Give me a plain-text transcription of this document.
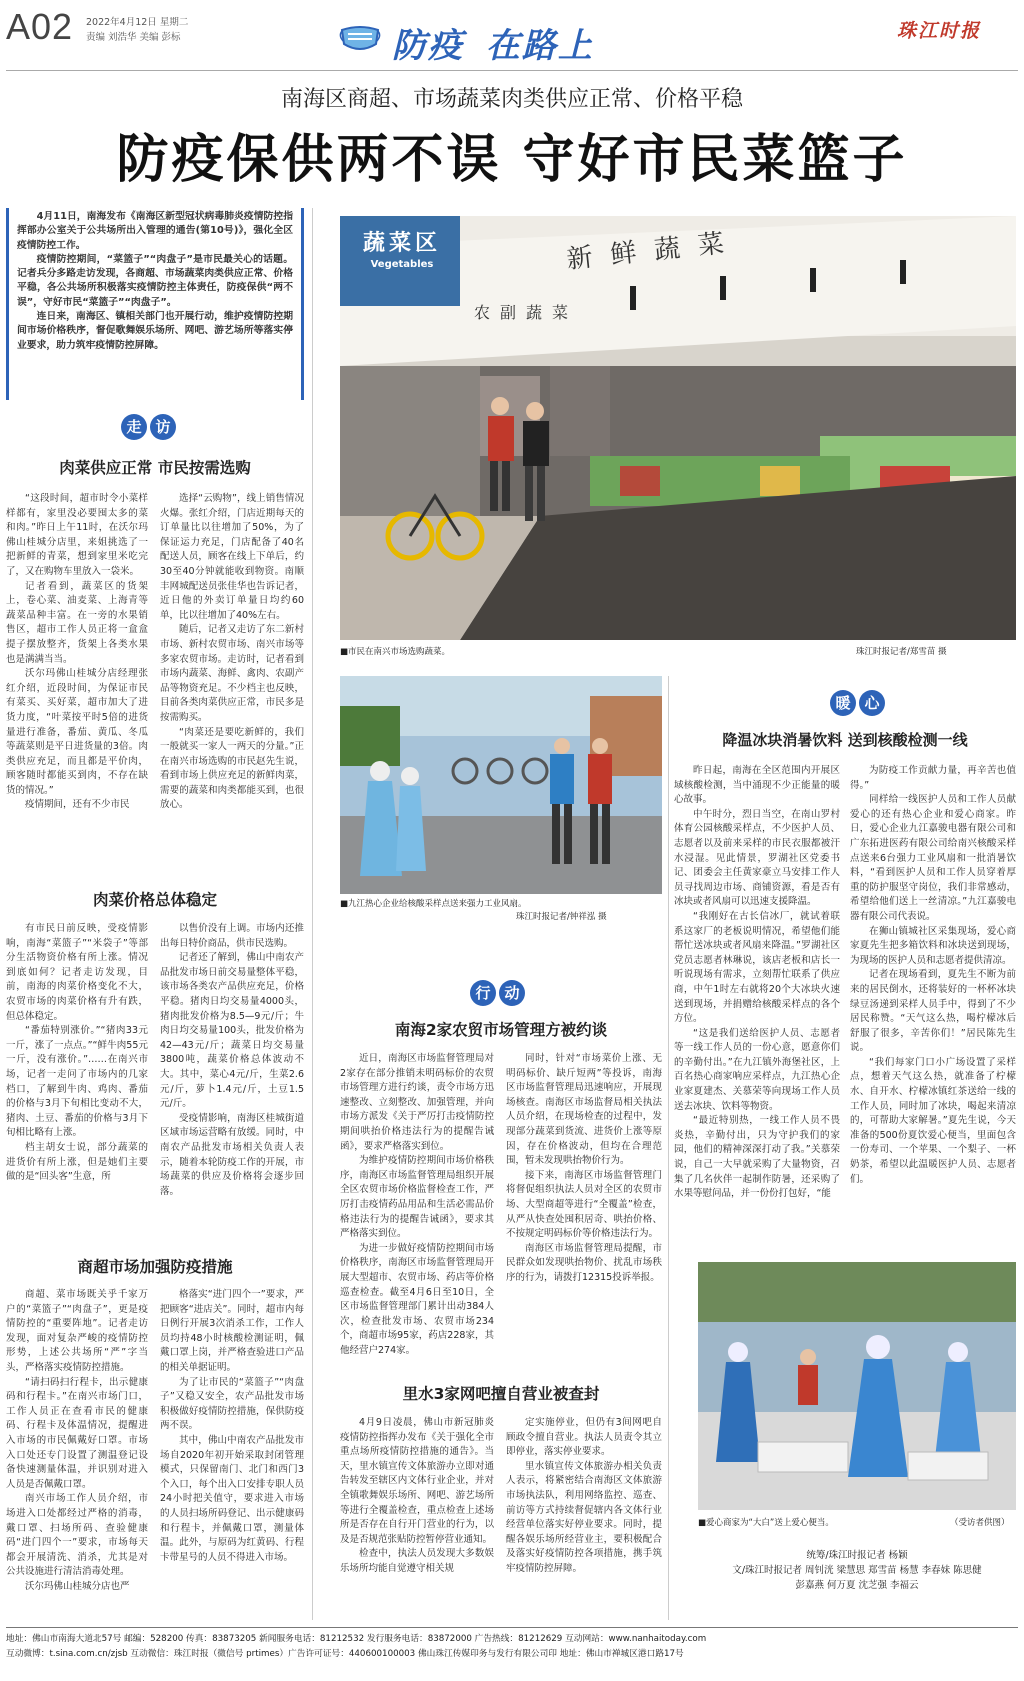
A02 2022年4月12日 星期二
责编 刘浩华 美编 彭标	防疫 在路上	珠江时报
南海区商超、市场蔬菜肉类供应正常、价格平稳
防疫保供两不误 守好市民菜篮子

4月11日，南海发布《南海区新型冠状病毒肺炎疫情防控指挥部办公室关于公共场所出入管理的通告(第10号)》，强化全区疫情防控工作。

疫情防控期间，“菜篮子”“肉盘子”是市民最关心的话题。记者兵分多路走访发现，各商超、市场蔬菜肉类供应正常、价格平稳，各公共场所积极落实疫情防控主体责任，防疫保供“两不误”，守好市民“菜篮子”“肉盘子”。

连日来，南海区、镇相关部门也开展行动，维护疫情防控期间市场价格秩序，督促歌舞娱乐场所、网吧、游艺场所等落实停业要求，助力筑牢疫情防控屏障。

走 访
肉菜供应正常 市民按需选购

“这段时间，超市时令小菜样样都有，家里没必要囤太多的菜和肉。”昨日上午11时，在沃尔玛佛山桂城分店里，来姐挑选了一把新鲜的青菜，想到家里米吃完了，又在购物车里放入一袋米。

记者看到，蔬菜区的货架上，卷心菜、油麦菜、上海青等蔬菜品种丰富。在一旁的水果销售区，超市工作人员正将一盒盒提子摆放整齐，货架上各类水果也是满满当当。

沃尔玛佛山桂城分店经理张红介绍，近段时间，为保证市民有菜买、买好菜，超市加大了进货力度，“叶菜按平时5倍的进货量进行准备，番茄、黄瓜、冬瓜等蔬菜则是平日进货量的3倍。肉类供应充足，而且都是平价肉，顾客随时都能买到肉，不存在缺货的情况。”

疫情期间，还有不少市民

选择“云购物”，线上销售情况火爆。张红介绍，门店近期每天的订单量比以往增加了50%，为了保证运力充足，门店配备了40名配送人员，顾客在线上下单后，约30至40分钟就能收到物资。南顺丰网城配送员张佳华也告诉记者，近日他的外卖订单量日均约60单，比以往增加了40%左右。

随后，记者又走访了东二新村市场、新村农贸市场、南兴市场等多家农贸市场。走访时，记者看到市场内蔬菜、海鲜、禽肉、农副产品等物资充足。不少档主也反映，目前各类肉菜供应正常，市民多是按需购买。

“肉菜还是要吃新鲜的，我们一般就买一家人一两天的分量。”正在南兴市场选购的市民赵先生说，看到市场上供应充足的新鲜肉菜，需要的蔬菜和肉类都能买到，也很放心。

肉菜价格总体稳定

有市民日前反映，受疫情影响，南海“菜篮子”“米袋子”等部分生活物资价格有所上涨。情况到底如何？记者走访发现，目前，南海的肉菜价格变化不大，农贸市场的肉菜价格有升有跌，但总体稳定。

“番茄特别涨价。”“猪肉33元一斤，涨了一点点。”“鲜牛肉55元一斤，没有涨价。”……在南兴市场，记者一走问了市场内的几家档口，了解到牛肉、鸡肉、番茄的价格与3月下旬相比变动不大，猪肉、土豆、番茄的价格与3月下旬相比略有上涨。

档主胡女士说，部分蔬菜的进货价有所上涨，但是她们主要做的是“回头客”生意，所

以售价没有上调。市场内还推出每日特价商品，供市民选购。

记者还了解到，佛山中南农产品批发市场日前交易量整体平稳，该市场各类农产品供应充足，价格平稳。猪肉日均交易量4000头，猪肉批发价格为8.5—9元/斤；牛肉日均交易量100头，批发价格为42—43元/斤；蔬菜日均交易量3800吨，蔬菜价格总体波动不大。其中，菜心4元/斤，生菜2.6元/斤，萝卜1.4元/斤，土豆1.5元/斤。

受疫情影响，南海区桂城街道区域市场运营略有放缓。同时，中南农产品批发市场相关负责人表示，随着本轮防疫工作的开展，市场蔬菜的供应及价格将会逐步回落。

商超市场加强防疫措施

商超、菜市场既关乎千家万户的“菜篮子”“肉盘子”，更是疫情防控的“重要阵地”。记者走访发现，面对复杂严峻的疫情防控形势，上述公共场所“严”字当头，严格落实疫情防控措施。

“请扫码扫行程卡，出示健康码和行程卡。”在南兴市场门口，工作人员正在查看市民的健康码、行程卡及体温情况，提醒进入市场的市民佩戴好口罩。市场入口处还专门设置了测温登记设备快速测量体温，并识别对进入人员是否佩戴口罩。

南兴市场工作人员介绍，市场进入口处都经过严格的消毒，戴口罩、扫场所码、查验健康码“进门四个一”要求，市场每天都会开展清洗、消杀，尤其是对公共设施进行清洁消毒处理。

沃尔玛佛山桂城分店也严

格落实“进门四个一”要求，严把顾客“进店关”。同时，超市内每日例行开展3次消杀工作，工作人员均持48小时核酸检测证明，佩戴口罩上岗，并严格查验进口产品的相关单据证明。

为了让市民的“菜篮子”“肉盘子”又稳又安全，农产品批发市场积极做好疫情防控措施，保供防疫两不误。

其中，佛山中南农产品批发市场自2020年初开始采取封闭管理模式，只保留南门、北门和西门3个入口，每个出入口安排专职人员24小时把关值守，要求进入市场的人员扫场所码登记、出示健康码和行程卡，并佩戴口罩，测量体温。此外，与原码为红黄码、行程卡带星号的人员不得进入市场。

蔬菜区
Vegetables	新鲜蔬菜
农副蔬菜
■市民在南兴市场选购蔬菜。	珠江时报记者/郑雪苗 摄
■九江热心企业给核酸采样点送来强力工业风扇。
珠江时报记者/钟祥泓 摄
暖 心
降温冰块消暑饮料 送到核酸检测一线

昨日起，南海在全区范围内开展区域核酸检测，当中涌现不少正能量的暖心故事。

中午时分，烈日当空，在南山罗村体育公园核酸采样点，不少医护人员、志愿者以及前来采样的市民衣服都被汗水浸湿。见此情景，罗湖社区党委书记、团委会主任黄家豪立马安排工作人员寻找周边市场、商铺资源，看是否有冰块或者风扇可以迅速支援降温。

“我刚好在古长信冰厂，就试着联系这家厂的老板说明情况，希望他们能帮忙送冰块或者风扇来降温。”罗湖社区党员志愿者林琳说，该店老板和店长一听说现场有需求，立刻帮忙联系了供应商，中午1时左右就将20个大冰块火速送到现场，并捐赠给核酸采样点的各个方位。

“这是我们送给医护人员、志愿者等一线工作人员的一份心意，愿意你们的辛勤付出。”在九江镇外海堡社区，上百名热心商家响应采样点，九江热心企业家夏建杰、关慕荣等向现场工作人员送去冰块、饮料等物资。

“最近特别热，一线工作人员不畏炎热，辛勤付出，只为守护我们的家园，他们的精神深深打动了我。”关慕荣说，自己一大早就采购了大量物资，召集了几名伙伴一起制作防暑，还采购了水果等慰问品，并一份份打包好，“能

为防疫工作贡献力量，再辛苦也值得。”

同样给一线医护人员和工作人员献爱心的还有热心企业和爱心商家。昨日，爱心企业九江嘉骏电器有限公司和广东拓进医药有限公司给南兴核酸采样点送来6台强力工业风扇和一批消暑饮料，“看到医护人员和工作人员穿着厚重的防护服坚守岗位，我们非常感动，希望给他们送上一丝清凉。”九江嘉骏电器有限公司代表说。

在狮山镇城社区采集现场，爱心商家夏先生把多箱饮料和冰块送到现场，为现场的医护人员和志愿者提供清凉。

记者在现场看到，夏先生不断为前来的居民倒水，还将装好的一杯杯冰块绿豆汤递到采样人员手中，得到了不少居民称赞。“天气这么热，喝柠檬冰后舒服了很多，辛苦你们！”居民陈先生说。

“我们每家门口小广场设置了采样点，想着天气这么热，就准备了柠檬水、自开水、柠檬冰镇红茶送给一线的工作人员，同时加了冰块，喝起来清凉的，可帮助大家解暑。”夏先生说，今天准备的500份夏饮爱心便当，里面包含一份寿司、一个苹果、一个梨子、一杯奶茶，希望以此温暖医护人员、志愿者们。

行 动
南海2家农贸市场管理方被约谈

近日，南海区市场监督管理局对2家存在部分推销未明码标价的农贸市场管理方进行约谈，责令市场方迅速整改、立刻整改、加强管理，并向市场方派发《关于严厉打击疫情防控期间哄抬价格违法行为的提醒告诫函》，要求严格落实到位。

为维护疫情防控期间市场价格秩序，南海区市场监督管理局组织开展全区农贸市场价格监督检查工作，严厉打击疫情药品用品和生活必需品价格违法行为的提醒告诫函》，要求其严格落实到位。

为进一步做好疫情防控期间市场价格秩序，南海区市场监督管理局开展大型超市、农贸市场、药店等价格巡查检查。截至4月6日至10日，全区市场监督管理部门累计出动384人次，检查批发市场、农贸市场234个，商超市场95家，药店228家，其他经营户274家。

同时，针对“市场菜价上涨、无明码标价、缺斤短两”等投诉，南海区市场监督管理局迅速响应，开展现场核查。南海区市场监督局相关执法人员介绍，在现场检查的过程中，发现部分蔬菜到货流、进货价上涨等原因，存在价格波动，但均在合理范围，暂未发现哄抬物价行为。

接下来，南海区市场监督管理门将督促组织执法人员对全区的农贸市场、大型商超等进行“全覆盖”检查，从严从快查处囤积居奇、哄抬价格、不按规定明码标价等价格违法行为。

南海区市场监督管理局提醒，市民群众如发现哄抬物价、扰乱市场秩序的行为，请拨打12315投诉举报。

里水3家网吧擅自营业被查封

4月9日凌晨，佛山市新冠肺炎疫情防控指挥办发布《关于强化全市重点场所疫情防控措施的通告》。当天，里水镇宣传文体旅游办立即对通告转发至辖区内文体行业企业，并对全镇歌舞娱乐场所、网吧、游艺场所等进行全覆盖检查，重点检查上述场所是否存在自行开门营业的行为，以及是否规范张贴防控暂停营业通知。

检查中，执法人员发现大多数娱乐场所均能自觉遵守相关规

定实施停业，但仍有3间网吧自顾政令擅自营业。执法人员责令其立即停业，落实停业要求。

里水镇宣传文体旅游办相关负责人表示，将紧密结合南海区文体旅游市场执法队，利用网络监控、巡查、前访等方式持续督促辖内各文体行业经营单位落实好停业要求。同时，提醒各娱乐场所经营业主，要积极配合及落实好疫情防控各项措施，携手筑牢疫情防控屏障。

■爱心商家为“大白”送上爱心便当。	（受访者供图）
统筹/珠江时报记者 杨颖
文/珠江时报记者 周钊洸 梁慧思 郑雪苗 杨慧 李春妹 陈思健
彭嘉燕 何万夏 沈芝强 李福云
地址：佛山市南海大道北57号 邮编：528200 传真：83873205 新闻服务电话：81212532 发行服务电话：83872000 广告热线：81212629 互动网站：www.nanhaitoday.com
互动微博：t.sina.com.cn/zjsb 互动微信：珠江时报（微信号 prtimes）广告许可证号：440600100003 佛山珠江传媒印务与发行有限公司印 地址：佛山市禅城区港口路17号
